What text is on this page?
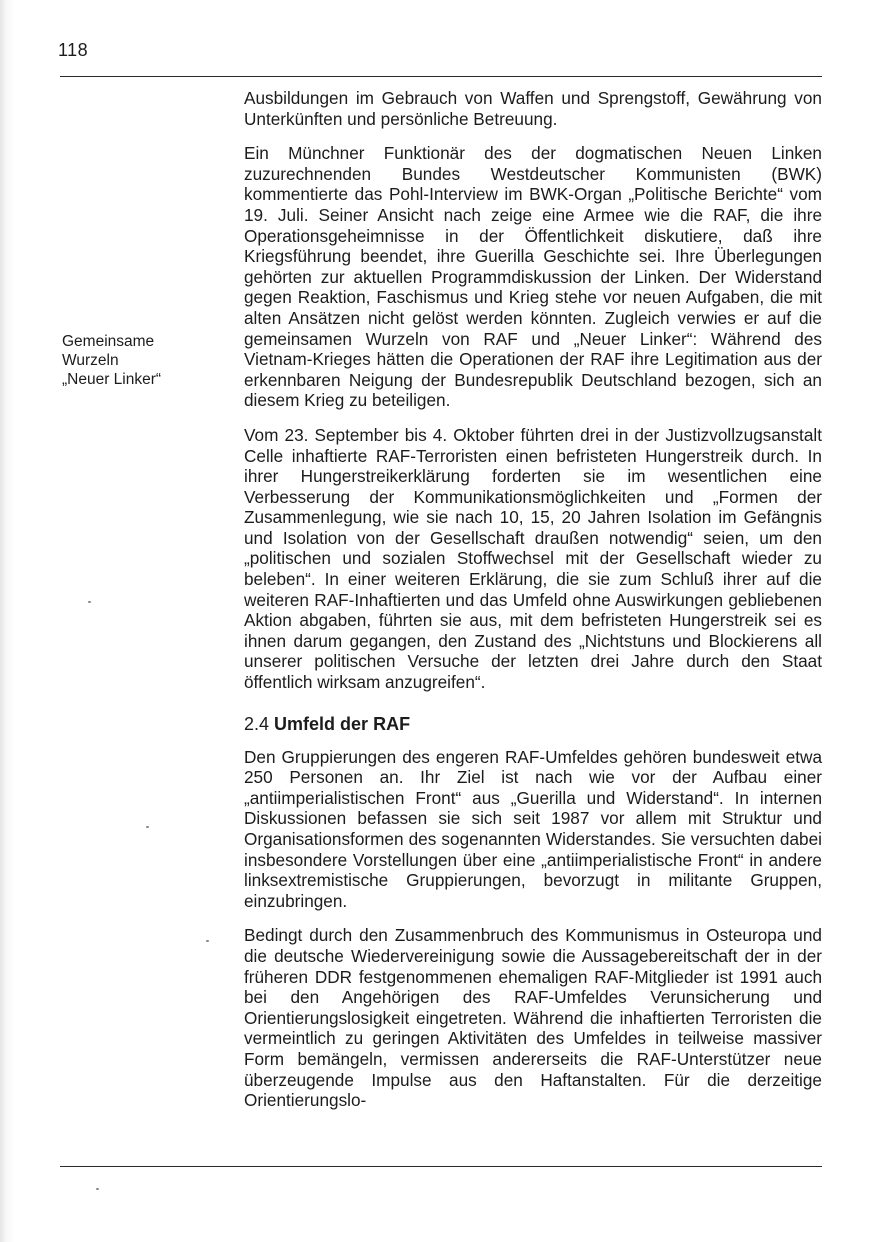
118
Gemeinsame
Wurzeln
„Neuer Linker“

Ausbildungen im Gebrauch von Waffen und Sprengstoff, Gewährung von Unterkünften und persönliche Betreuung.

Ein Münchner Funktionär des der dogmatischen Neuen Linken zuzurechnenden Bundes Westdeutscher Kommunisten (BWK) kommentierte das Pohl-Interview im BWK-Organ „Politische Berichte“ vom 19. Juli. Seiner Ansicht nach zeige eine Armee wie die RAF, die ihre Operationsgeheimnisse in der Öffentlichkeit diskutiere, daß ihre Kriegsführung beendet, ihre Guerilla Geschichte sei. Ihre Überlegungen gehörten zur aktuellen Programmdiskussion der Linken. Der Widerstand gegen Reaktion, Faschismus und Krieg stehe vor neuen Aufgaben, die mit alten Ansätzen nicht gelöst werden könnten. Zugleich verwies er auf die gemeinsamen Wurzeln von RAF und „Neuer Linker“: Während des Vietnam-Krieges hätten die Operationen der RAF ihre Legitimation aus der erkennbaren Neigung der Bundesrepublik Deutschland bezogen, sich an diesem Krieg zu beteiligen.

Vom 23. September bis 4. Oktober führten drei in der Justizvollzugsanstalt Celle inhaftierte RAF-Terroristen einen befristeten Hungerstreik durch. In ihrer Hungerstreikerklärung forderten sie im wesentlichen eine Verbesserung der Kommunikationsmöglichkeiten und „Formen der Zusammenlegung, wie sie nach 10, 15, 20 Jahren Isolation im Gefängnis und Isolation von der Gesellschaft draußen notwendig“ seien, um den „politischen und sozialen Stoffwechsel mit der Gesellschaft wieder zu beleben“. In einer weiteren Erklärung, die sie zum Schluß ihrer auf die weiteren RAF-Inhaftierten und das Umfeld ohne Auswirkungen gebliebenen Aktion abgaben, führten sie aus, mit dem befristeten Hungerstreik sei es ihnen darum gegangen, den Zustand des „Nichtstuns und Blockierens all unserer politischen Versuche der letzten drei Jahre durch den Staat öffentlich wirksam anzugreifen“.

2.4 Umfeld der RAF

Den Gruppierungen des engeren RAF-Umfeldes gehören bundesweit etwa 250 Personen an. Ihr Ziel ist nach wie vor der Aufbau einer „antiimperialistischen Front“ aus „Guerilla und Widerstand“. In internen Diskussionen befassen sie sich seit 1987 vor allem mit Struktur und Organisationsformen des sogenannten Widerstandes. Sie versuchten dabei insbesondere Vorstellungen über eine „antiimperialistische Front“ in andere linksextremistische Gruppierungen, bevorzugt in militante Gruppen, einzubringen.

Bedingt durch den Zusammenbruch des Kommunismus in Osteuropa und die deutsche Wiedervereinigung sowie die Aussagebereitschaft der in der früheren DDR festgenommenen ehemaligen RAF-Mitglieder ist 1991 auch bei den Angehörigen des RAF-Umfeldes Verunsicherung und Orientierungslosigkeit eingetreten. Während die inhaftierten Terroristen die vermeintlich zu geringen Aktivitäten des Umfeldes in teilweise massiver Form bemängeln, vermissen andererseits die RAF-Unterstützer neue überzeugende Impulse aus den Haftanstalten. Für die derzeitige Orientierungslo-
